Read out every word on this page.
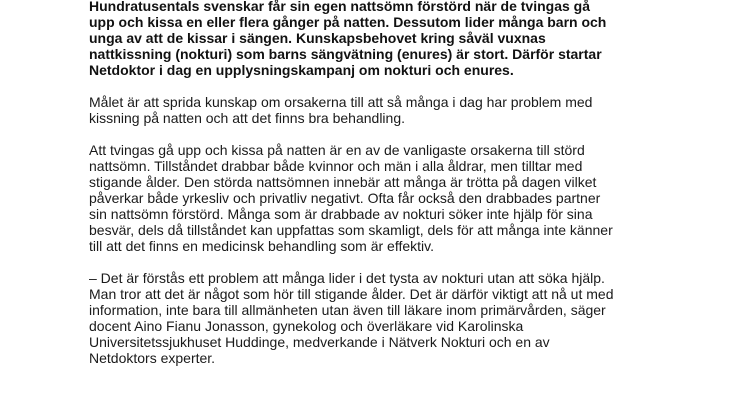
Hundratusentals svenskar får sin egen nattsömn förstörd när de tvingas gå
upp och kissa en eller flera gånger på natten. Dessutom lider många barn och
unga av att de kissar i sängen. Kunskapsbehovet kring såväl vuxnas
nattkissning (nokturi) som barns sängvätning (enures) är stort. Därför startar
Netdoktor i dag en upplysningskampanj om nokturi och enures.

Målet är att sprida kunskap om orsakerna till att så många i dag har problem med
kissning på natten och att det finns bra behandling.

Att tvingas gå upp och kissa på natten är en av de vanligaste orsakerna till störd
nattsömn. Tillståndet drabbar både kvinnor och män i alla åldrar, men tilltar med
stigande ålder. Den störda nattsömnen innebär att många är trötta på dagen vilket
påverkar både yrkesliv och privatliv negativt. Ofta får också den drabbades partner
sin nattsömn förstörd. Många som är drabbade av nokturi söker inte hjälp för sina
besvär, dels då tillståndet kan uppfattas som skamligt, dels för att många inte känner
till att det finns en medicinsk behandling som är effektiv.

– Det är förstås ett problem att många lider i det tysta av nokturi utan att söka hjälp.
Man tror att det är något som hör till stigande ålder. Det är därför viktigt att nå ut med
information, inte bara till allmänheten utan även till läkare inom primärvården, säger
docent Aino Fianu Jonasson, gynekolog och överläkare vid Karolinska
Universitetssjukhuset Huddinge, medverkande i Nätverk Nokturi och en av
Netdoktors experter.
